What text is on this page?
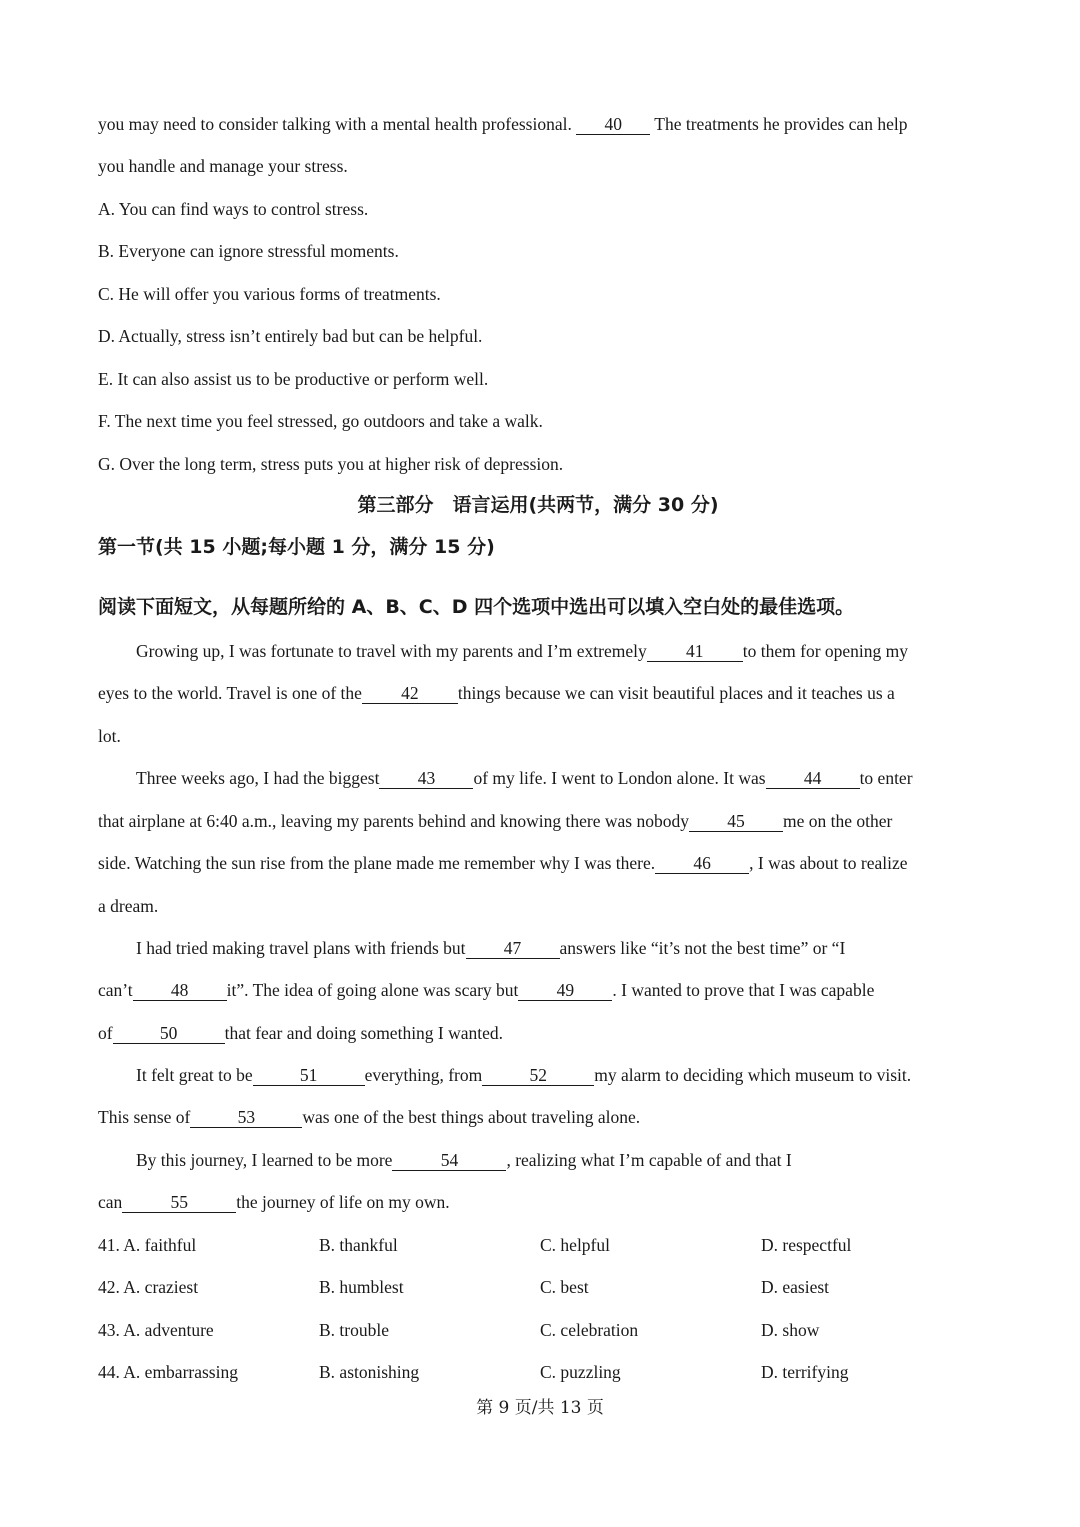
you may need to consider talking with a mental health professional. 40 The treatments he provides can help
you handle and manage your stress.
A. You can find ways to control stress.
B. Everyone can ignore stressful moments.
C. He will offer you various forms of treatments.
D. Actually, stress isn’t entirely bad but can be helpful.
E. It can also assist us to be productive or perform well.
F. The next time you feel stressed, go outdoors and take a walk.
G. Over the long term, stress puts you at higher risk of depression.
第三部分　语言运用(共两节，满分 30 分)
第一节(共 15 小题;每小题 1 分，满分 15 分)
阅读下面短文，从每题所给的 A、B、C、D 四个选项中选出可以填入空白处的最佳选项。
Growing up, I was fortunate to travel with my parents and I’m extremely 41 to them for opening my
eyes to the world. Travel is one of the 42 things because we can visit beautiful places and it teaches us a
lot.
Three weeks ago, I had the biggest 43 of my life. I went to London alone. It was 44 to enter
that airplane at 6:40 a.m., leaving my parents behind and knowing there was nobody 45 me on the other
side. Watching the sun rise from the plane made me remember why I was there. 46 , I was about to realize
a dream.
I had tried making travel plans with friends but 47 answers like “it’s not the best time” or “I
can’t 48 it”. The idea of going alone was scary but 49 . I wanted to prove that I was capable
of	50	that fear and doing something I wanted.
It felt great to be	51	everything, from	52	my alarm to deciding which museum to visit.
This sense of	53	was one of the best things about traveling alone.
By this journey, I learned to be more	54	, realizing what I’m capable of and that I
can	55	the journey of life on my own.
41. A. faithful	B. thankful	C. helpful	D. respectful
42. A. craziest	B. humblest	C. best	D. easiest
43. A. adventure	B. trouble	C. celebration	D. show
44. A. embarrassing	B. astonishing	C. puzzling	D. terrifying
第 9 页/共 13 页
